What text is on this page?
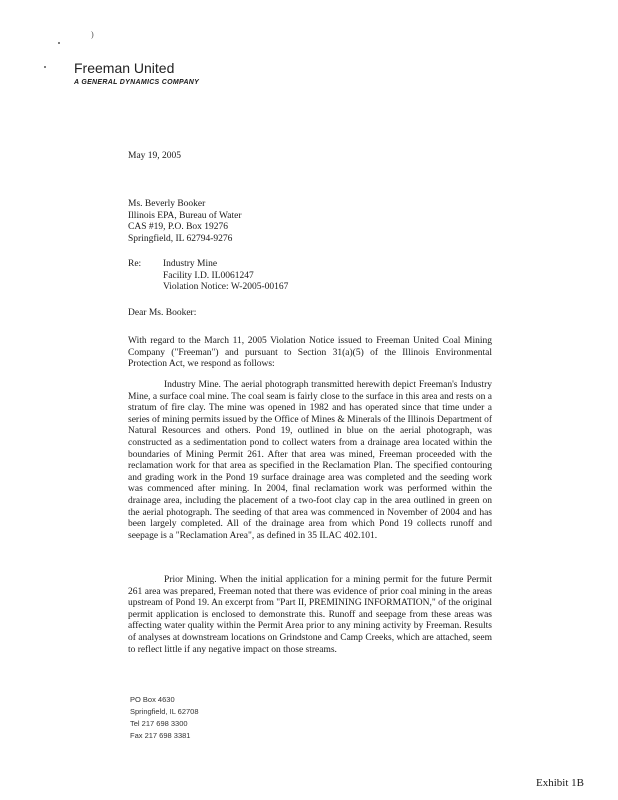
)
Freeman United
A GENERAL DYNAMICS COMPANY
May 19, 2005
Ms. Beverly Booker
Illinois EPA, Bureau of Water
CAS #19, P.O. Box 19276
Springfield, IL 62794-9276
Re: Industry Mine
Facility I.D. IL0061247
Violation Notice: W-2005-00167
Dear Ms. Booker:
With regard to the March 11, 2005 Violation Notice issued to Freeman United Coal Mining Company ("Freeman") and pursuant to Section 31(a)(5) of the Illinois Environmental Protection Act, we respond as follows:
Industry Mine. The aerial photograph transmitted herewith depict Freeman's Industry Mine, a surface coal mine. The coal seam is fairly close to the surface in this area and rests on a stratum of fire clay. The mine was opened in 1982 and has operated since that time under a series of mining permits issued by the Office of Mines & Minerals of the Illinois Department of Natural Resources and others. Pond 19, outlined in blue on the aerial photograph, was constructed as a sedimentation pond to collect waters from a drainage area located within the boundaries of Mining Permit 261. After that area was mined, Freeman proceeded with the reclamation work for that area as specified in the Reclamation Plan. The specified contouring and grading work in the Pond 19 surface drainage area was completed and the seeding work was commenced after mining. In 2004, final reclamation work was performed within the drainage area, including the placement of a two-foot clay cap in the area outlined in green on the aerial photograph. The seeding of that area was commenced in November of 2004 and has been largely completed. All of the drainage area from which Pond 19 collects runoff and seepage is a "Reclamation Area", as defined in 35 ILAC 402.101.
Prior Mining. When the initial application for a mining permit for the future Permit 261 area was prepared, Freeman noted that there was evidence of prior coal mining in the areas upstream of Pond 19. An excerpt from "Part II, PREMINING INFORMATION," of the original permit application is enclosed to demonstrate this. Runoff and seepage from these areas was affecting water quality within the Permit Area prior to any mining activity by Freeman. Results of analyses at downstream locations on Grindstone and Camp Creeks, which are attached, seem to reflect little if any negative impact on those streams.
PO Box 4630
Springfield, IL 62708
Tel 217 698 3300
Fax 217 698 3381
Exhibit 1B
